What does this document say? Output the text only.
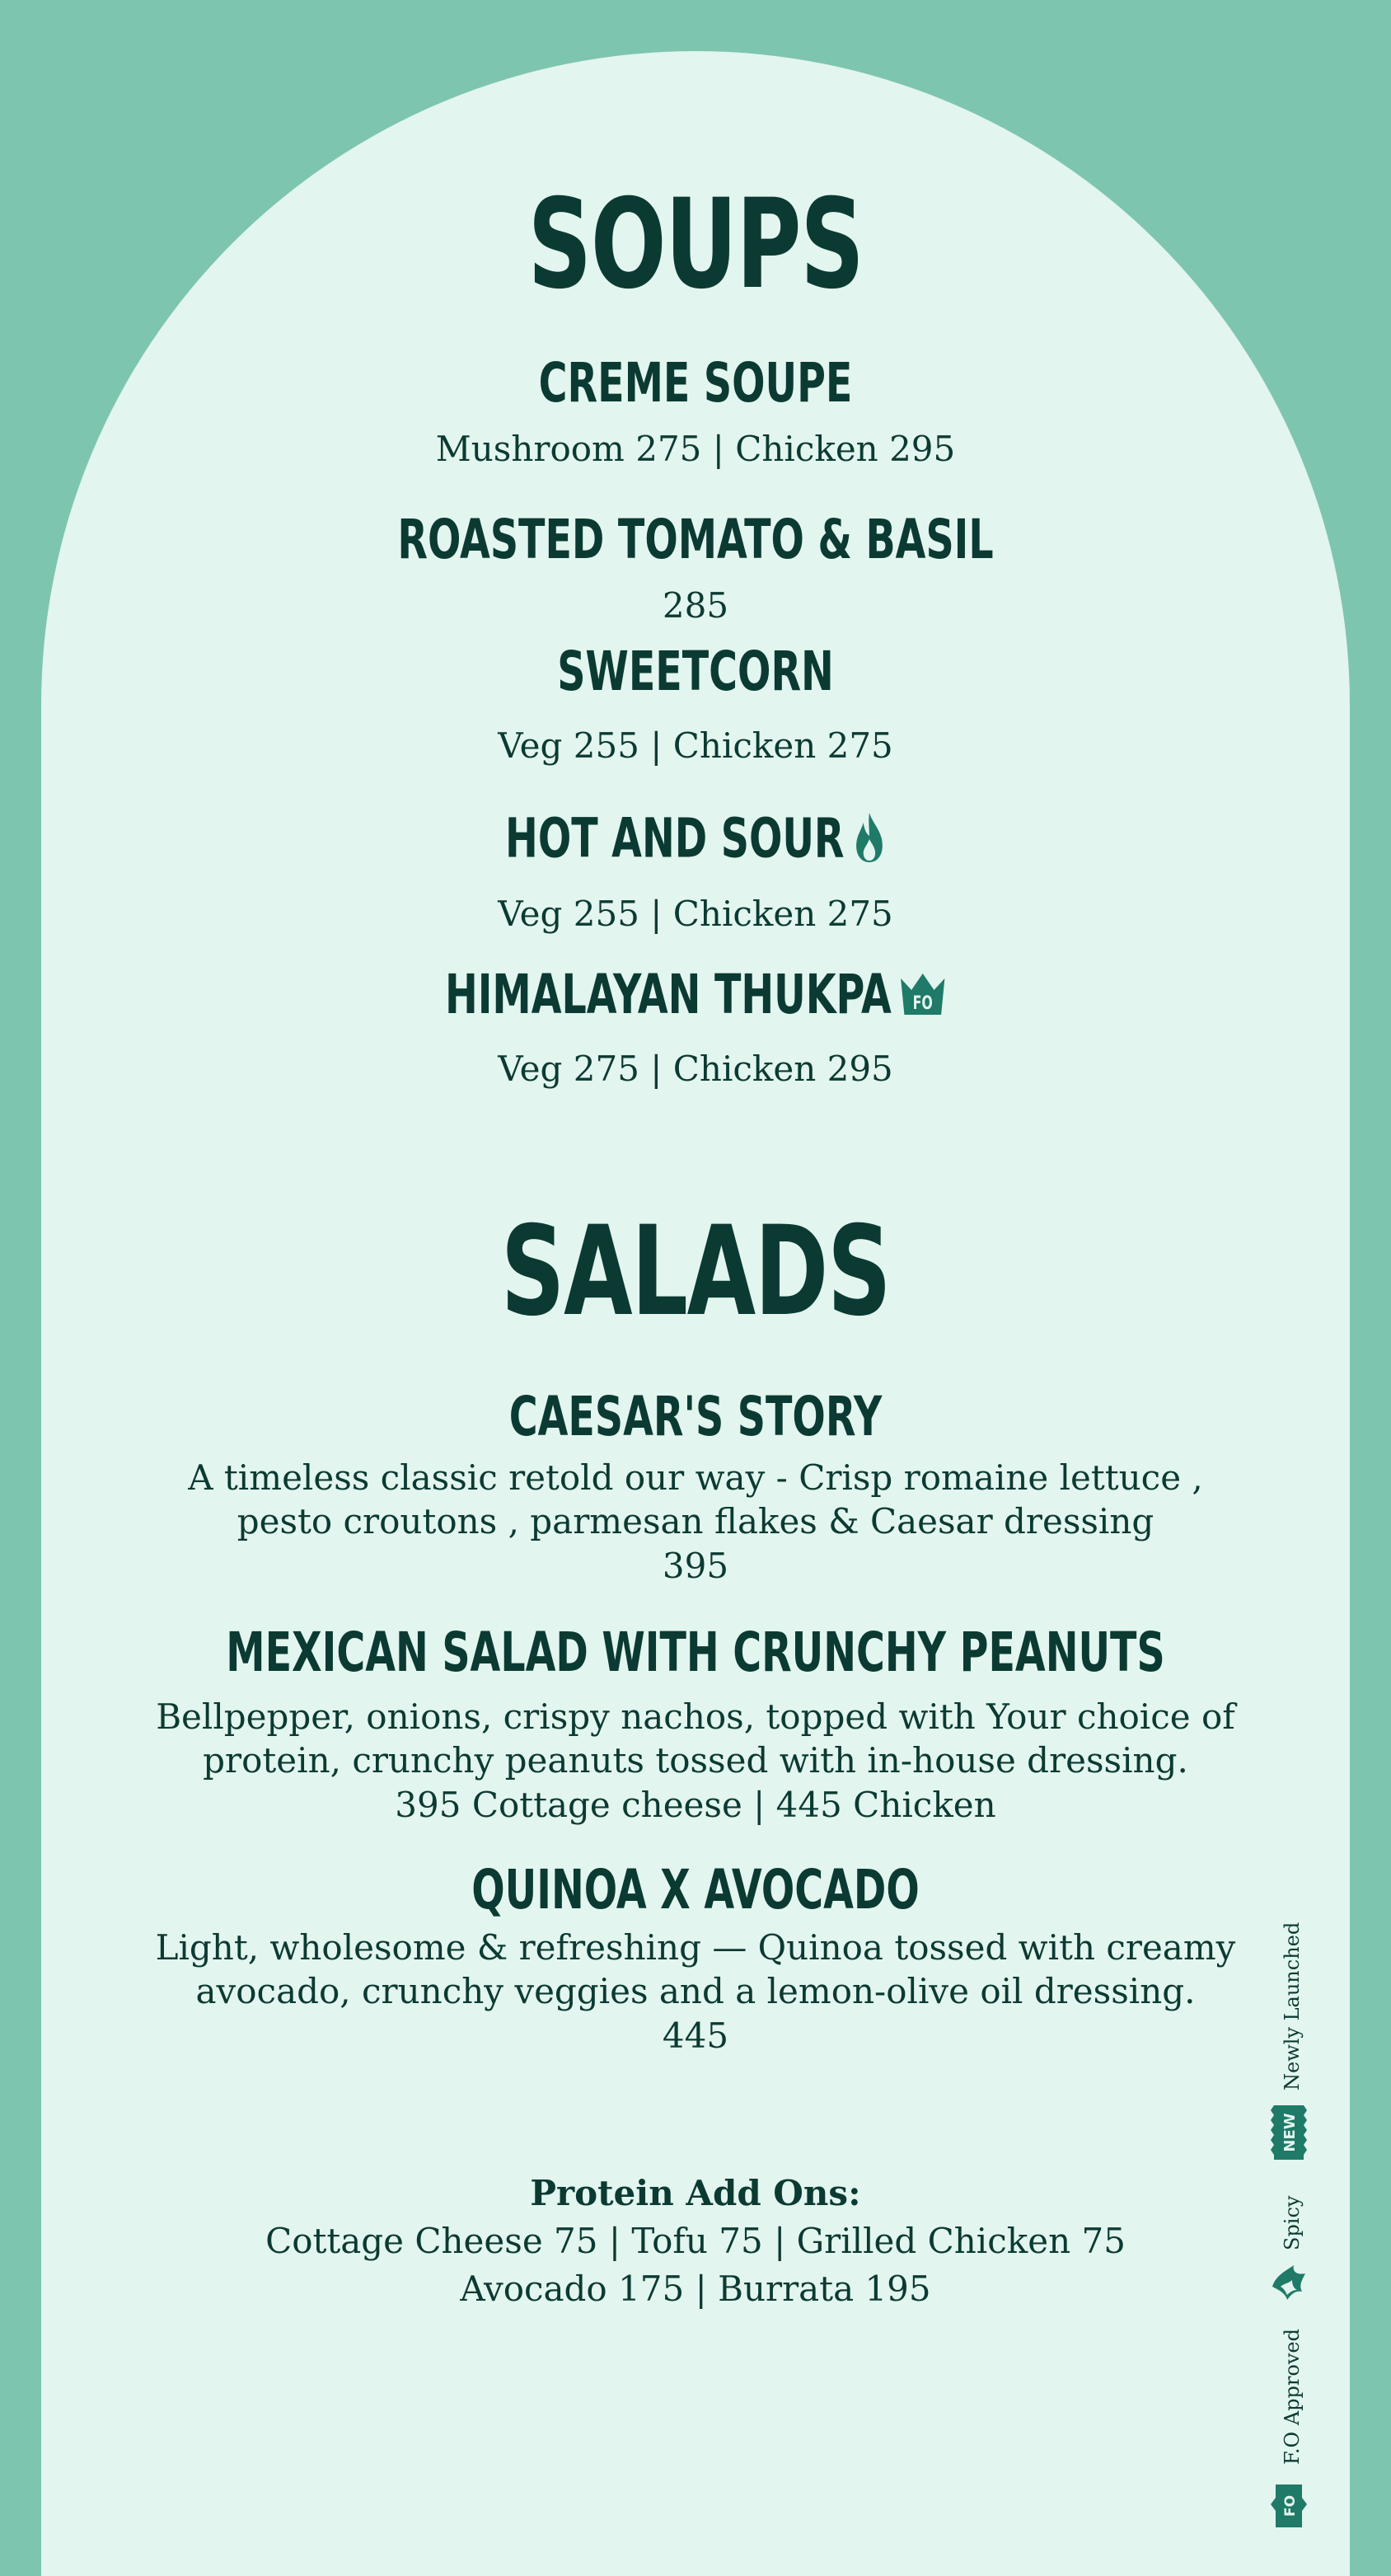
SOUPS
CREME SOUPE
Mushroom 275 | Chicken 295
ROASTED TOMATO & BASIL
285
SWEETCORN
Veg 255 | Chicken 275
HOT AND SOUR
Veg 255 | Chicken 275
HIMALAYAN THUKPA FO
Veg 275 | Chicken 295
SALADS
CAESAR'S STORY
A timeless classic retold our way - Crisp romaine lettuce ,
pesto croutons , parmesan flakes & Caesar dressing
395
MEXICAN SALAD WITH CRUNCHY PEANUTS
Bellpepper, onions, crispy nachos, topped with Your choice of
protein, crunchy peanuts tossed with in-house dressing.
395 Cottage cheese | 445 Chicken
QUINOA X AVOCADO
Light, wholesome & refreshing — Quinoa tossed with creamy
avocado, crunchy veggies and a lemon-olive oil dressing.
445
Protein Add Ons:
Cottage Cheese 75 | Tofu 75 | Grilled Chicken 75
Avocado 175 | Burrata 195
Newly Launched
NEW
Spicy
F.O Approved
FO
